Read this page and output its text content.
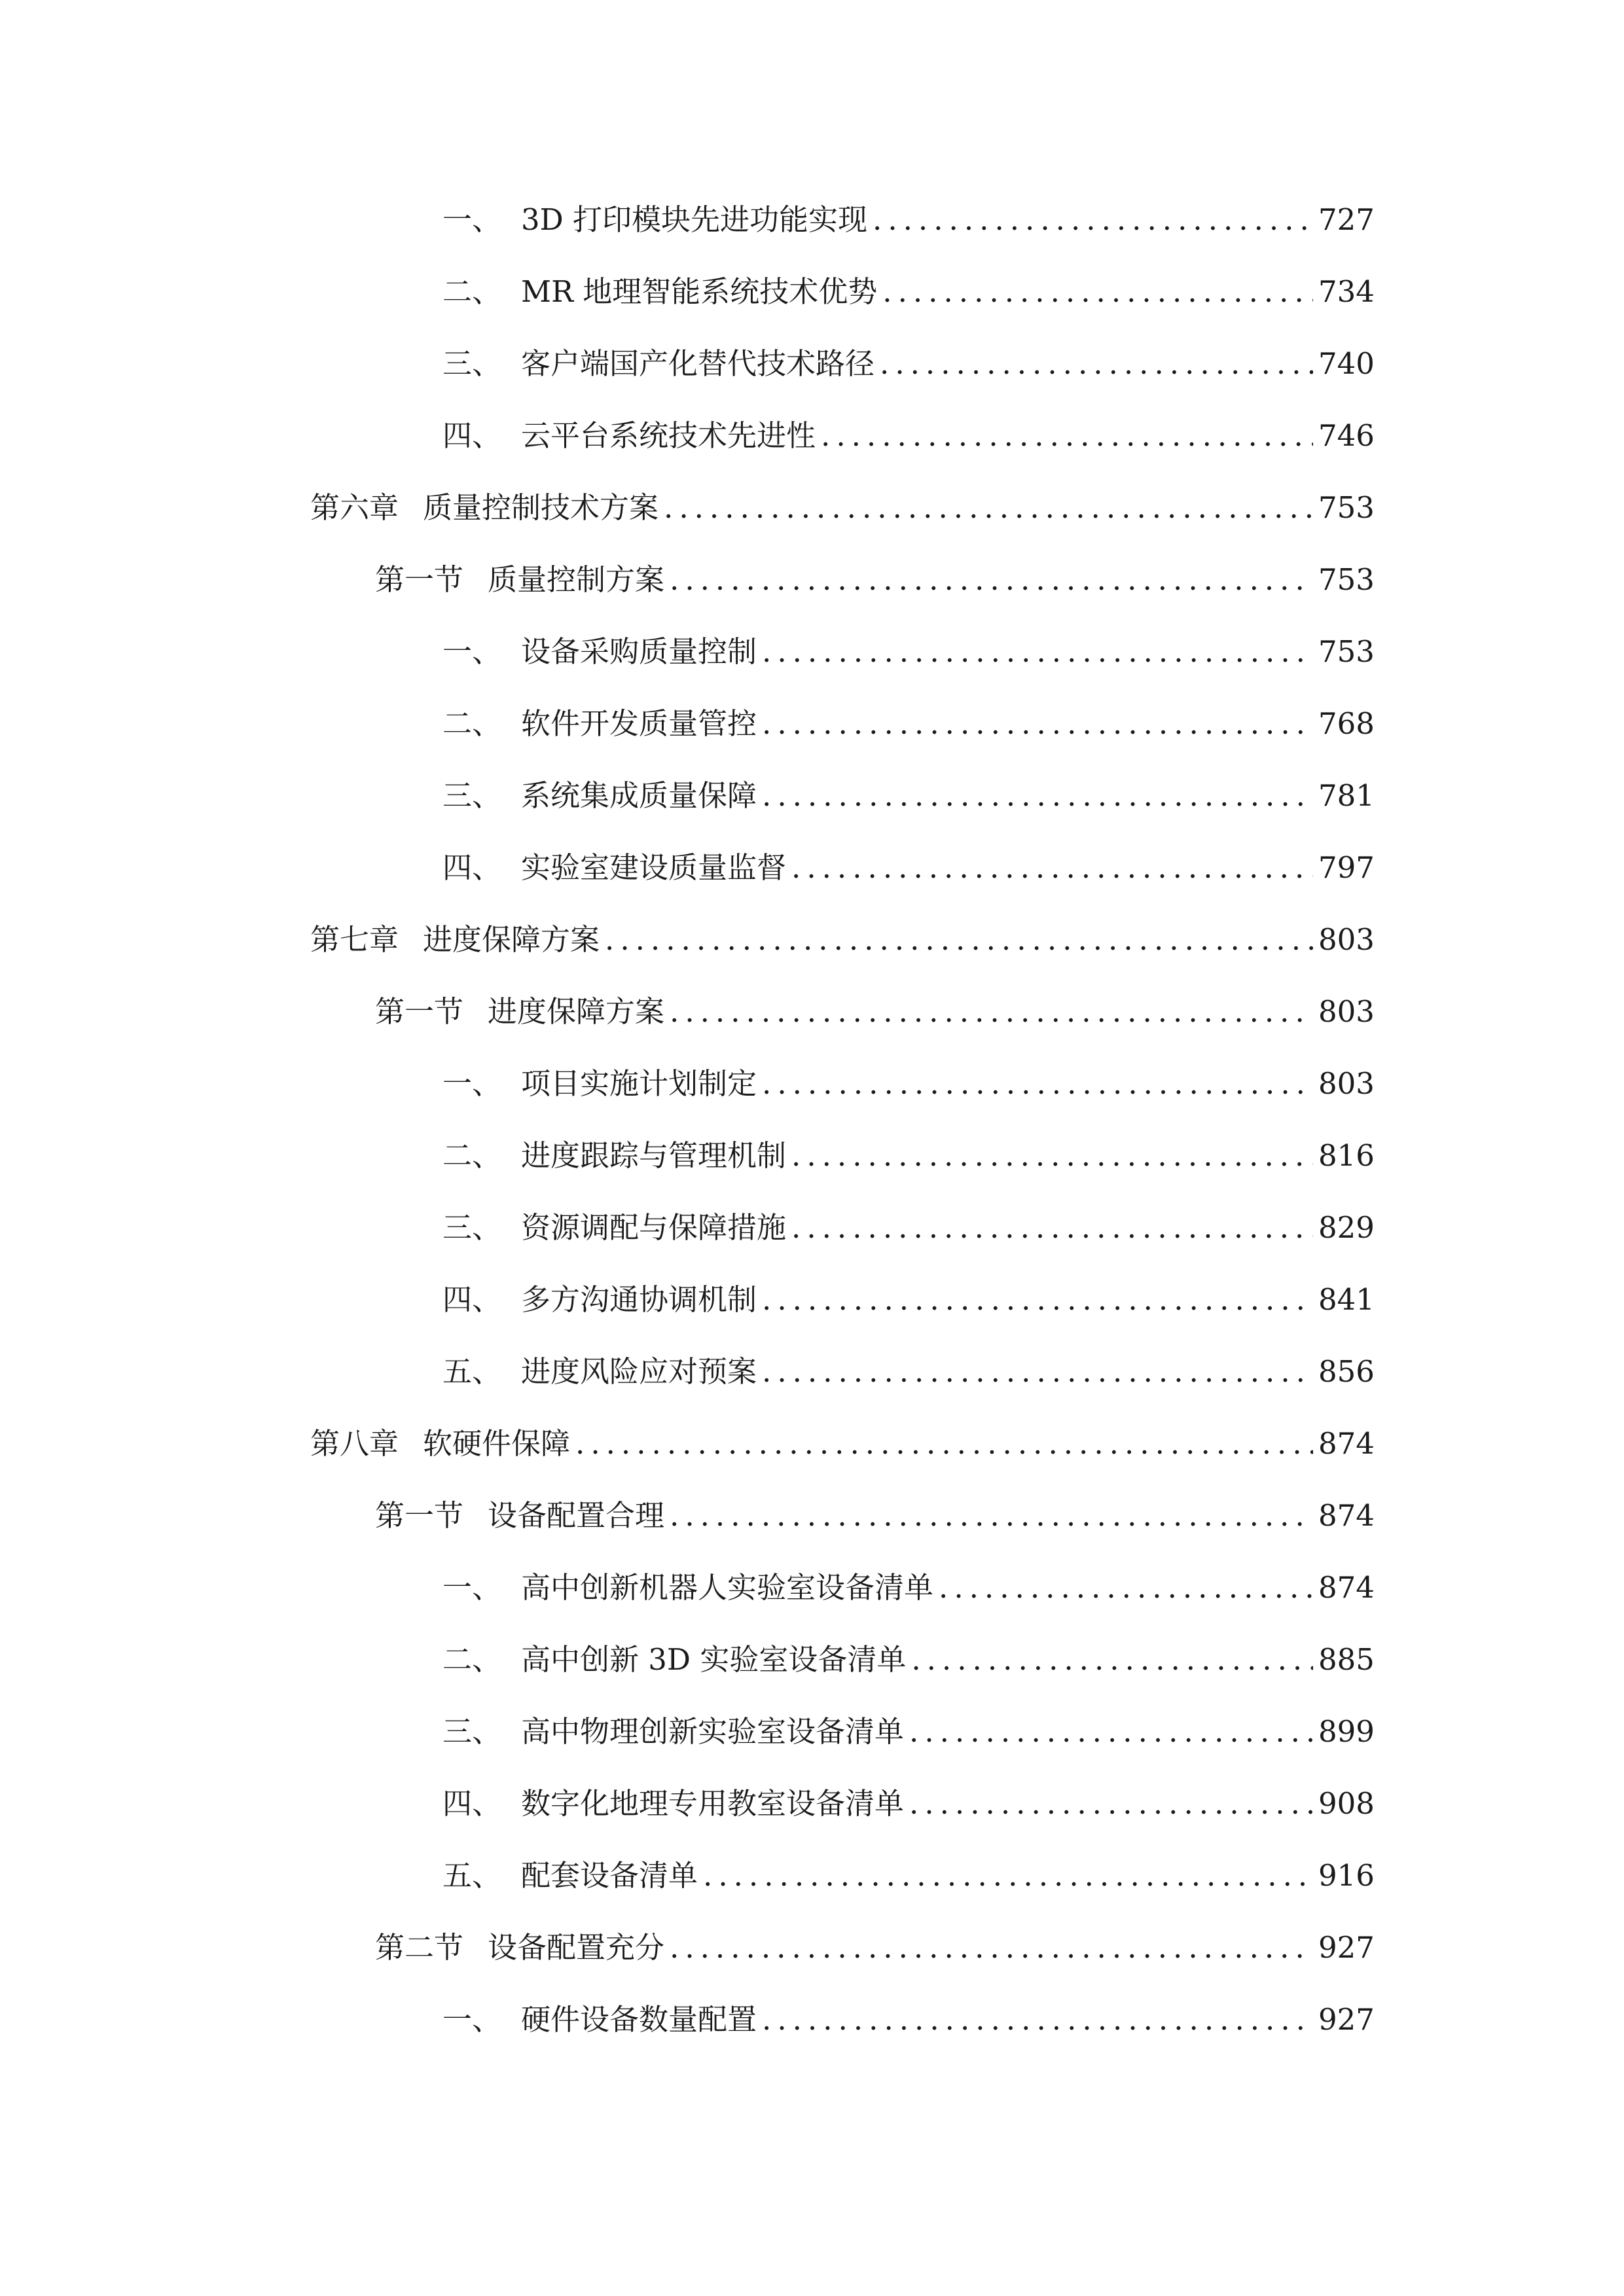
一、 3D 打印模块先进功能实现 .....	727
二、 MR 地理智能系统技术优势 .....	734
三、 客户端国产化替代技术路径 .....	740
四、 云平台系统技术先进性 .....	746
第六章 质量控制技术方案 .....	753
第一节 质量控制方案 .....	753
一、 设备采购质量控制 .....	753
二、 软件开发质量管控 .....	768
三、 系统集成质量保障 .....	781
四、 实验室建设质量监督 .....	797
第七章 进度保障方案 .....	803
第一节 进度保障方案 .....	803
一、 项目实施计划制定 .....	803
二、 进度跟踪与管理机制 .....	816
三、 资源调配与保障措施 .....	829
四、 多方沟通协调机制 .....	841
五、 进度风险应对预案 .....	856
第八章 软硬件保障 .....	874
第一节 设备配置合理 .....	874
一、 高中创新机器人实验室设备清单 .....	874
二、 高中创新 3D 实验室设备清单 .....	885
三、 高中物理创新实验室设备清单 .....	899
四、 数字化地理专用教室设备清单 .....	908
五、 配套设备清单 .....	916
第二节 设备配置充分 .....	927
一、 硬件设备数量配置 .....	927
